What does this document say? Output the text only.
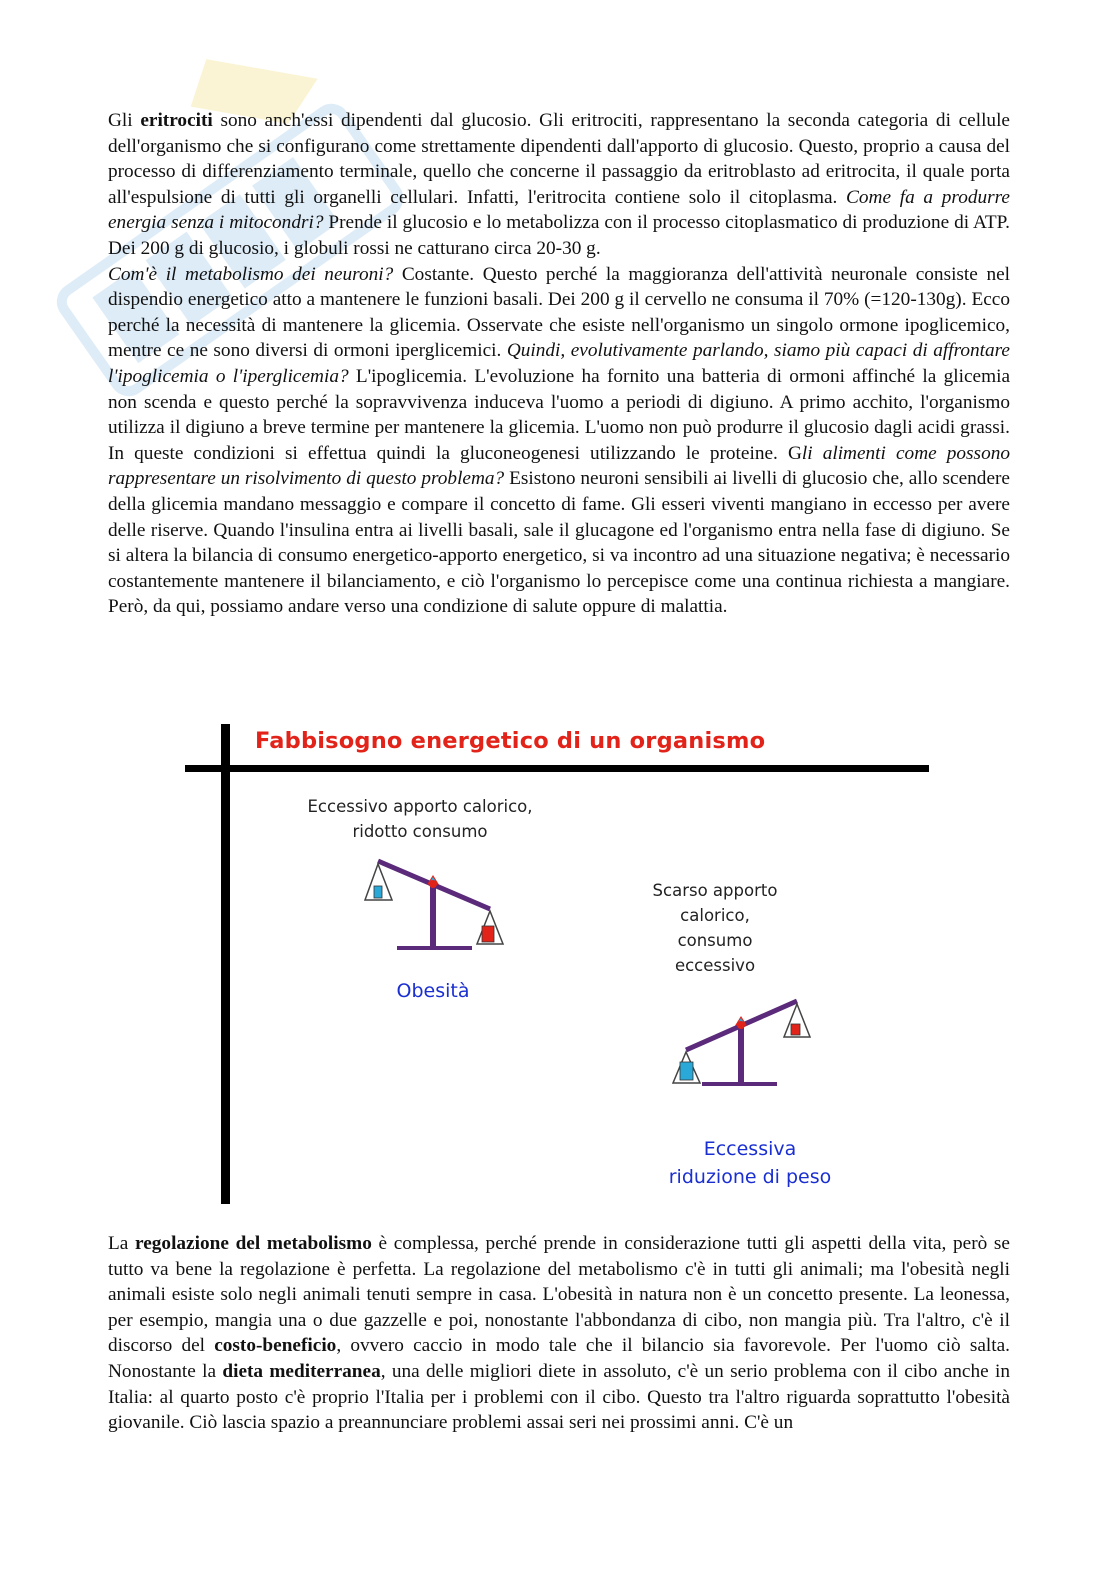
Gli eritrociti sono anch'essi dipendenti dal glucosio. Gli eritrociti, rappresentano la seconda categoria di cellule dell'organismo che si configurano come strettamente dipendenti dall'apporto di glucosio. Questo, proprio a causa del processo di differenziamento terminale, quello che concerne il passaggio da eritroblasto ad eritrocita, il quale porta all'espulsione di tutti gli organelli cellulari. Infatti, l'eritrocita contiene solo il citoplasma. Come fa a produrre energia senza i mitocondri? Prende il glucosio e lo metabolizza con il processo citoplasmatico di produzione di ATP. Dei 200 g di glucosio, i globuli rossi ne catturano circa 20-30 g.

Com'è il metabolismo dei neuroni? Costante. Questo perché la maggioranza dell'attività neuronale consiste nel dispendio energetico atto a mantenere le funzioni basali. Dei 200 g il cervello ne consuma il 70% (=120-130g). Ecco perché la necessità di mantenere la glicemia. Osservate che esiste nell'organismo un singolo ormone ipoglicemico, mentre ce ne sono diversi di ormoni iperglicemici. Quindi, evolutivamente parlando, siamo più capaci di affrontare l'ipoglicemia o l'iperglicemia? L'ipoglicemia. L'evoluzione ha fornito una batteria di ormoni affinché la glicemia non scenda e questo perché la sopravvivenza induceva l'uomo a periodi di digiuno. A primo acchito, l'organismo utilizza il digiuno a breve termine per mantenere la glicemia. L'uomo non può produrre il glucosio dagli acidi grassi. In queste condizioni si effettua quindi la gluconeogenesi utilizzando le proteine. Gli alimenti come possono rappresentare un risolvimento di questo problema? Esistono neuroni sensibili ai livelli di glucosio che, allo scendere della glicemia mandano messaggio e compare il concetto di fame. Gli esseri viventi mangiano in eccesso per avere delle riserve. Quando l'insulina entra ai livelli basali, sale il glucagone ed l'organismo entra nella fase di digiuno. Se si altera la bilancia di consumo energetico-apporto energetico, si va incontro ad una situazione negativa; è necessario costantemente mantenere il bilanciamento, e ciò l'organismo lo percepisce come una continua richiesta a mangiare. Però, da qui, possiamo andare verso una condizione di salute oppure di malattia.

Fabbisogno energetico di un organismo
Eccessivo apporto calorico,
ridotto consumo
Obesità
Scarso apporto
calorico,
consumo
eccessivo
Eccessiva
riduzione di peso

La regolazione del metabolismo è complessa, perché prende in considerazione tutti gli aspetti della vita, però se tutto va bene la regolazione è perfetta. La regolazione del metabolismo c'è in tutti gli animali; ma l'obesità negli animali esiste solo negli animali tenuti sempre in casa. L'obesità in natura non è un concetto presente. La leonessa, per esempio, mangia una o due gazzelle e poi, nonostante l'abbondanza di cibo, non mangia più. Tra l'altro, c'è il discorso del costo-beneficio, ovvero caccio in modo tale che il bilancio sia favorevole. Per l'uomo ciò salta. Nonostante la dieta mediterranea, una delle migliori diete in assoluto, c'è un serio problema con il cibo anche in Italia: al quarto posto c'è proprio l'Italia per i problemi con il cibo. Questo tra l'altro riguarda soprattutto l'obesità giovanile. Ciò lascia spazio a preannunciare problemi assai seri nei prossimi anni. C'è un
